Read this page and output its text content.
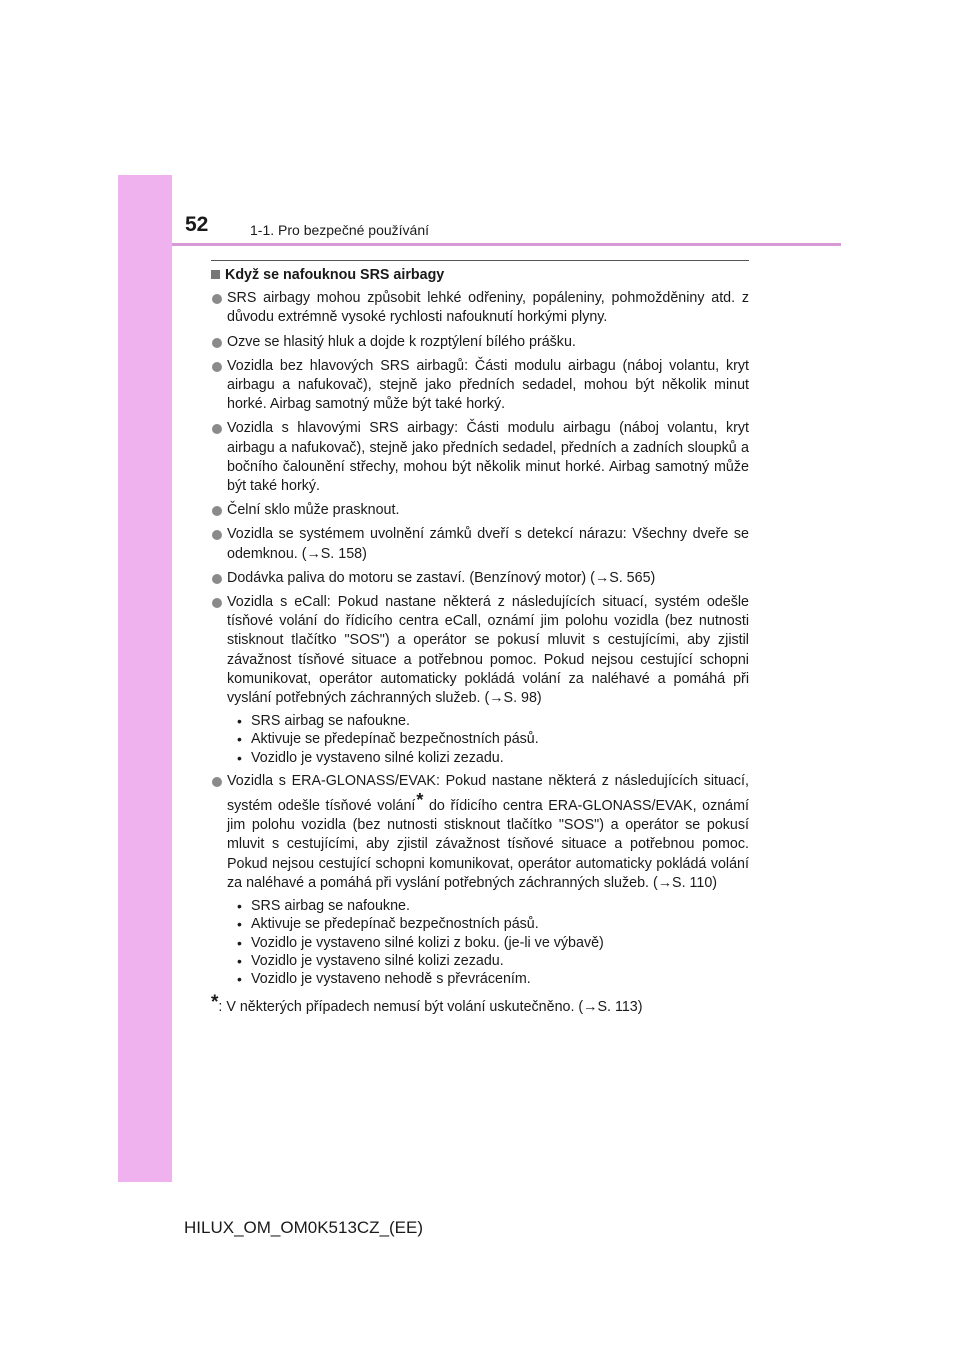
52	1-1. Pro bezpečné používání
Když se nafouknou SRS airbagy
SRS airbagy mohou způsobit lehké odřeniny, popáleniny, pohmožděniny atd. z důvodu extrémně vysoké rychlosti nafouknutí horkými plyny.
Ozve se hlasitý hluk a dojde k rozptýlení bílého prášku.
Vozidla bez hlavových SRS airbagů: Části modulu airbagu (náboj volantu, kryt airbagu a nafukovač), stejně jako předních sedadel, mohou být několik minut horké. Airbag samotný může být také horký.
Vozidla s hlavovými SRS airbagy: Části modulu airbagu (náboj volantu, kryt airbagu a nafukovač), stejně jako předních sedadel, předních a zadních sloupků a bočního čalounění střechy, mohou být několik minut horké. Airbag samotný může být také horký.
Čelní sklo může prasknout.
Vozidla se systémem uvolnění zámků dveří s detekcí nárazu: Všechny dveře se odemknou. (→S. 158)
Dodávka paliva do motoru se zastaví. (Benzínový motor) (→S. 565)
Vozidla s eCall: Pokud nastane některá z následujících situací, systém odešle tísňové volání do řídicího centra eCall, oznámí jim polohu vozidla (bez nutnosti stisknout tlačítko "SOS") a operátor se pokusí mluvit s cestujícími, aby zjistil závažnost tísňové situace a potřebnou pomoc. Pokud nejsou cestující schopni komunikovat, operátor automaticky pokládá volání za naléhavé a pomáhá při vyslání potřebných záchranných služeb. (→S. 98)
• SRS airbag se nafoukne.
• Aktivuje se předepínač bezpečnostních pásů.
• Vozidlo je vystaveno silné kolizi zezadu.
Vozidla s ERA-GLONASS/EVAK: Pokud nastane některá z následujících situací, systém odešle tísňové volání* do řídicího centra ERA-GLONASS/EVAK, oznámí jim polohu vozidla (bez nutnosti stisknout tlačítko "SOS") a operátor se pokusí mluvit s cestujícími, aby zjistil závažnost tísňové situace a potřebnou pomoc. Pokud nejsou cestující schopni komunikovat, operátor automaticky pokládá volání za naléhavé a pomáhá při vyslání potřebných záchranných služeb. (→S. 110)
• SRS airbag se nafoukne.
• Aktivuje se předepínač bezpečnostních pásů.
• Vozidlo je vystaveno silné kolizi z boku. (je-li ve výbavě)
• Vozidlo je vystaveno silné kolizi zezadu.
• Vozidlo je vystaveno nehodě s převrácením.
*: V některých případech nemusí být volání uskutečněno. (→S. 113)
HILUX_OM_OM0K513CZ_(EE)
